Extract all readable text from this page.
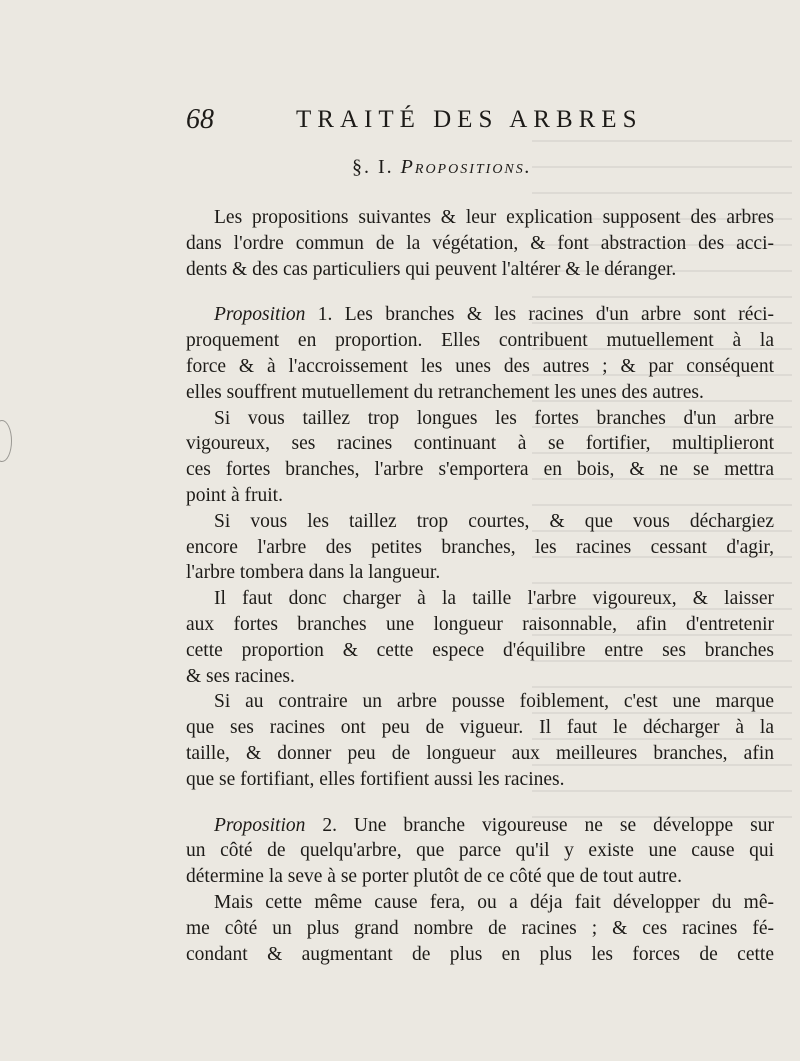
68	TRAITÉ DES ARBRES
§. I. Propositions.
Les propositions suivantes & leur explication supposent des arbres
dans l'ordre commun de la végétation, & font abstraction des acci-
dents & des cas particuliers qui peuvent l'altérer & le déranger.
Proposition 1. Les branches & les racines d'un arbre sont réci-
proquement en proportion. Elles contribuent mutuellement à la
force & à l'accroissement les unes des autres ; & par conséquent
elles souffrent mutuellement du retranchement les unes des autres.
Si vous taillez trop longues les fortes branches d'un arbre
vigoureux, ses racines continuant à se fortifier, multiplieront
ces fortes branches, l'arbre s'emportera en bois, & ne se mettra
point à fruit.
Si vous les taillez trop courtes, & que vous déchargiez
encore l'arbre des petites branches, les racines cessant d'agir,
l'arbre tombera dans la langueur.
Il faut donc charger à la taille l'arbre vigoureux, & laisser
aux fortes branches une longueur raisonnable, afin d'entretenir
cette proportion & cette espece d'équilibre entre ses branches
& ses racines.
Si au contraire un arbre pousse foiblement, c'est une marque
que ses racines ont peu de vigueur. Il faut le décharger à la
taille, & donner peu de longueur aux meilleures branches, afin
que se fortifiant, elles fortifient aussi les racines.
Proposition 2. Une branche vigoureuse ne se développe sur
un côté de quelqu'arbre, que parce qu'il y existe une cause qui
détermine la seve à se porter plutôt de ce côté que de tout autre.
Mais cette même cause fera, ou a déja fait développer du mê-
me côté un plus grand nombre de racines ; & ces racines fé-
condant & augmentant de plus en plus les forces de cette
